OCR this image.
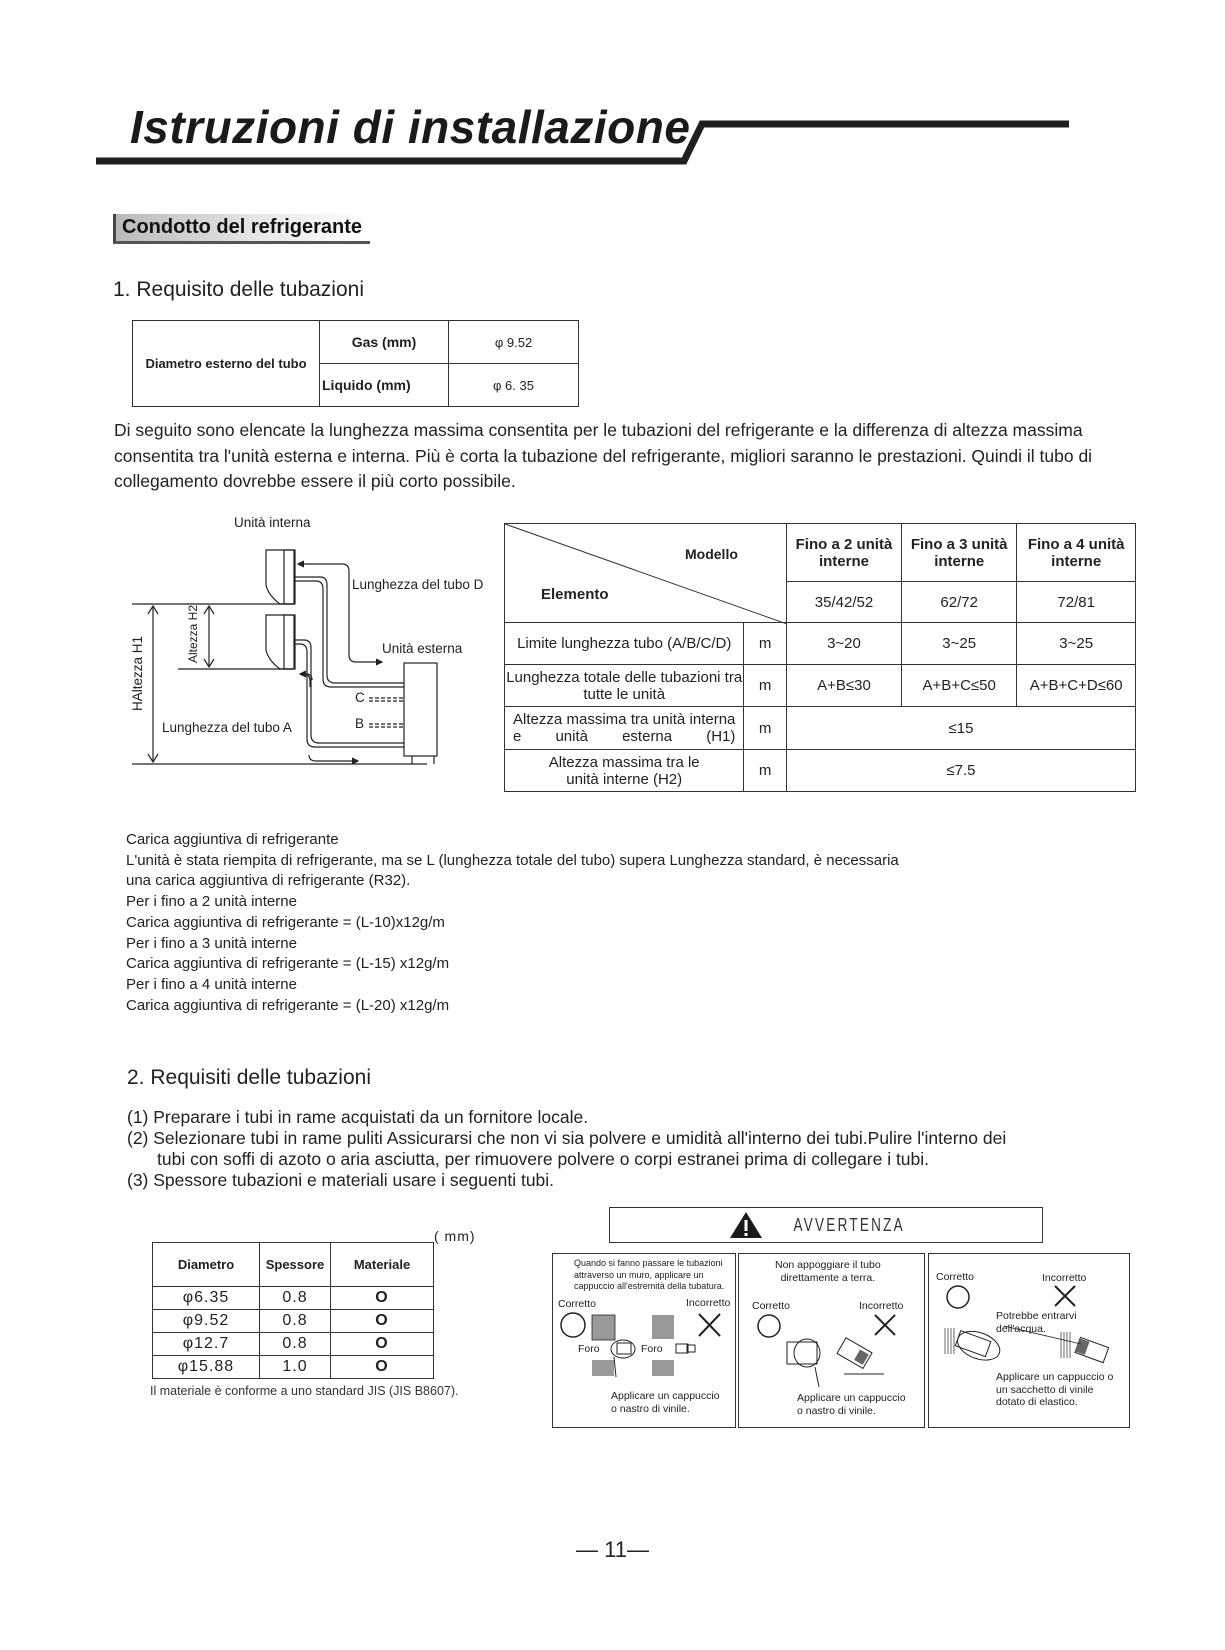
Istruzioni di installazione
Condotto del refrigerante
1. Requisito delle tubazioni
Diametro esterno del tubo	Gas (mm)	φ 9.52
	Liquido (mm)	φ 6. 35
Di seguito sono elencate la lunghezza massima consentita per le tubazioni del refrigerante e la differenza di altezza massima consentita tra l'unità esterna e interna. Più è corta la tubazione del refrigerante, migliori saranno le prestazioni. Quindi il tubo di collegamento dovrebbe essere il più corto possibile.
Unità interna
Lunghezza del tubo D
Unità esterna
Lunghezza del tubo A
C
B
HAltezza H1
Altezza H2
Modello
Elemento		Fino a 2 unità interne	Fino a 3 unità interne	Fino a 4 unità interne
		35/42/52	62/72	72/81
Limite lunghezza tubo (A/B/C/D)	m	3~20	3~25	3~25
Lunghezza totale delle tubazioni tra tutte le unità	m	A+B≤30	A+B+C≤50	A+B+C+D≤60
Altezza massima tra unità interna e unità esterna (H1)	m	≤15		
Altezza massima tra le unità interne (H2)	m	≤7.5		
Carica aggiuntiva di refrigerante
L'unità è stata riempita di refrigerante, ma se L (lunghezza totale del tubo) supera Lunghezza standard, è necessaria
una carica aggiuntiva di refrigerante (R32).
Per i fino a 2 unità interne
Carica aggiuntiva di refrigerante = (L-10)x12g/m
Per i fino a 3 unità interne
Carica aggiuntiva di refrigerante = (L-15) x12g/m
Per i fino a 4 unità interne
Carica aggiuntiva di refrigerante = (L-20) x12g/m
2. Requisiti delle tubazioni
(1) Preparare i tubi in rame acquistati da un fornitore locale.
(2) Selezionare tubi in rame puliti Assicurarsi che non vi sia polvere e umidità all'interno dei tubi.Pulire l'interno dei
tubi con soffi di azoto o aria asciutta, per rimuovere polvere o corpi estranei prima di collegare i tubi.
(3) Spessore tubazioni e materiali usare i seguenti tubi.
( mm)
Diametro	Spessore	Materiale
φ6.35	0.8	O
φ9.52	0.8	O
φ12.7	0.8	O
φ15.88	1.0	O
Il materiale è conforme a uno standard JIS (JIS B8607).
AVVERTENZA
Quando si fanno passare le tubazioni
attraverso un muro, applicare un
cappuccio all'estremità della tubatura.
Corretto	Incorretto
Foro	Foro
Applicare un cappuccio
o nastro di vinile.
Non appoggiare il tubo
direttamente a terra.
Corretto	Incorretto
Applicare un cappuccio
o nastro di vinile.
Corretto	Incorretto
Potrebbe entrarvi
dell'acqua.
Applicare un cappuccio o
un sacchetto di vinile
dotato di elastico.
— 11—
